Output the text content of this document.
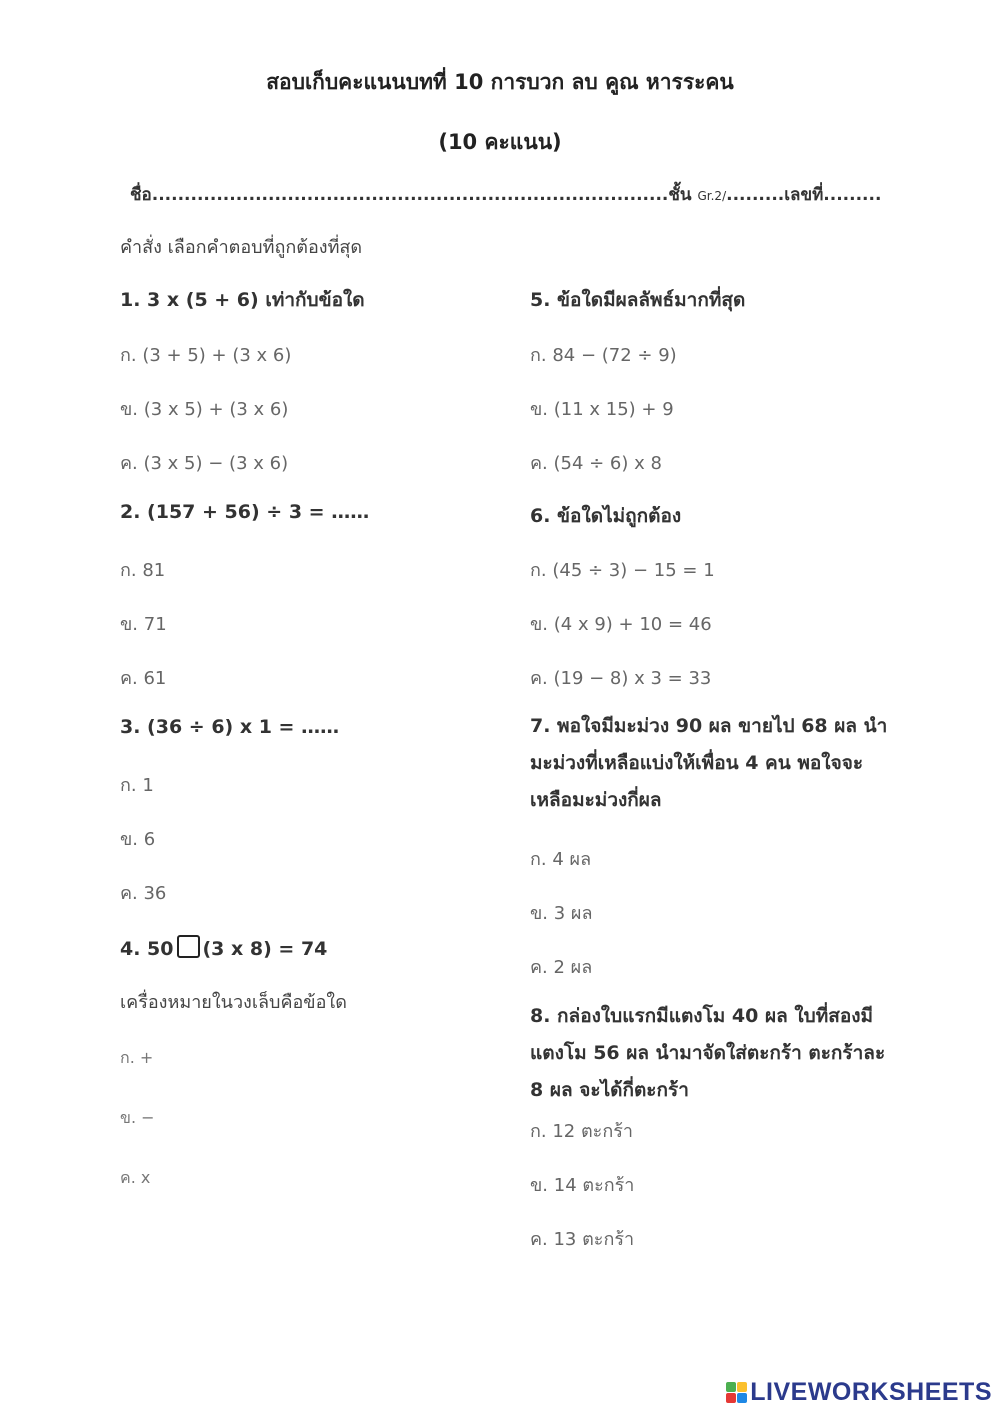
สอบเก็บคะแนนบทที่ 10 การบวก ลบ คูณ หารระคน
(10 คะแนน)
ชื่อ................................................................................ชั้น Gr.2/.........เลขที่.........
คำสั่ง เลือกคำตอบที่ถูกต้องที่สุด
1. 3 x (5 + 6) เท่ากับข้อใด
ก. (3 + 5) + (3 x 6)
ข. (3 x 5) + (3 x 6)
ค. (3 x 5) − (3 x 6)
2. (157 + 56) ÷ 3 = ……
ก. 81
ข. 71
ค. 61
3. (36 ÷ 6) x 1 = ……
ก. 1
ข. 6
ค. 36
4. 50 (3 x 8) = 74
เครื่องหมายในวงเล็บคือข้อใด
ก. +
ข. −
ค. x
5. ข้อใดมีผลลัพธ์มากที่สุด
ก. 84 − (72 ÷ 9)
ข. (11 x 15) + 9
ค. (54 ÷ 6) x 8
6. ข้อใดไม่ถูกต้อง
ก. (45 ÷ 3) − 15 = 1
ข. (4 x 9) + 10 = 46
ค. (19 − 8) x 3 = 33
7. พอใจมีมะม่วง 90 ผล ขายไป 68 ผล นำมะม่วงที่เหลือแบ่งให้เพื่อน 4 คน พอใจจะเหลือมะม่วงกี่ผล
ก. 4 ผล
ข. 3 ผล
ค. 2 ผล
8. กล่องใบแรกมีแตงโม 40 ผล ใบที่สองมีแตงโม 56 ผล นำมาจัดใส่ตะกร้า ตะกร้าละ 8 ผล จะได้กี่ตะกร้า
ก. 12 ตะกร้า
ข. 14 ตะกร้า
ค. 13 ตะกร้า
LIVEWORKSHEETS
